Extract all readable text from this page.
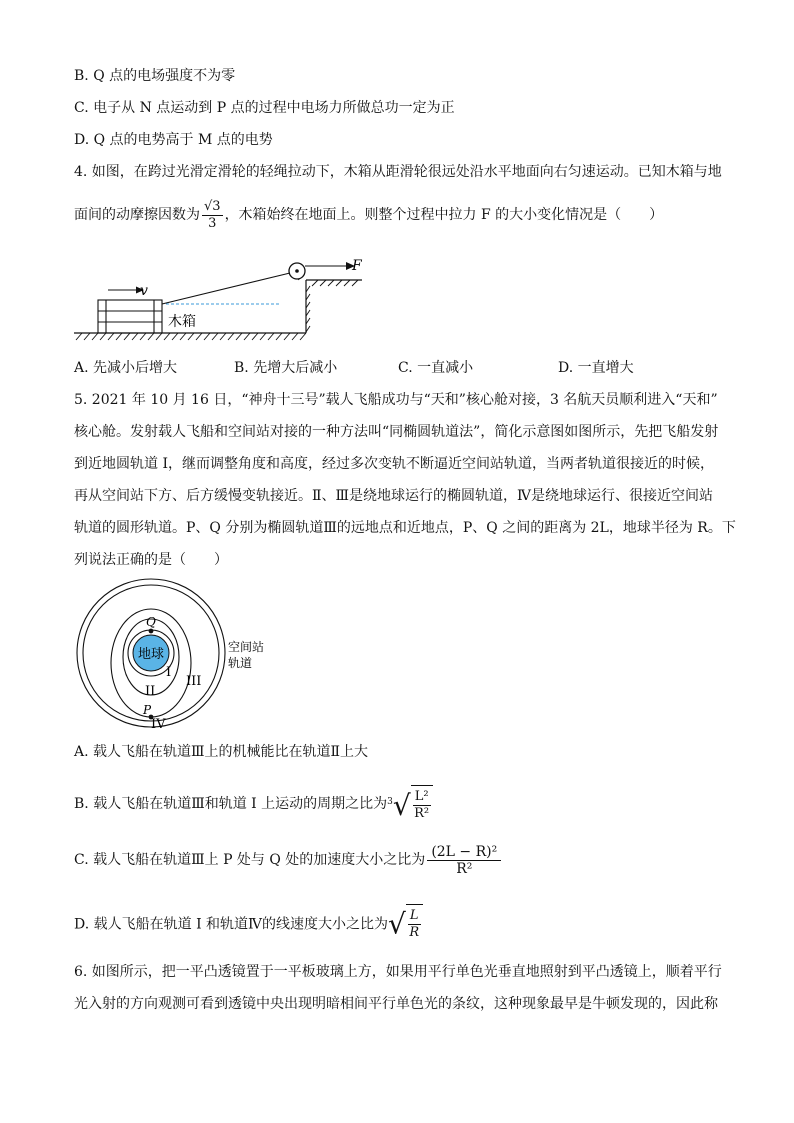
B. Q 点的电场强度不为零
C. 电子从 N 点运动到 P 点的过程中电场力所做总功一定为正
D. Q 点的电势高于 M 点的电势
4. 如图，在跨过光滑定滑轮的轻绳拉动下，木箱从距滑轮很远处沿水平地面向右匀速运动。已知木箱与地
面间的动摩擦因数为 $\frac{√3}{3}$ ，木箱始终在地面上。则整个过程中拉力 F 的大小变化情况是（　　）
F
木箱
v
A. 先减小后增大	B. 先增大后减小	C. 一直减小	D. 一直增大
5. 2021 年 10 月 16 日，“神舟十三号”载人飞船成功与“天和”核心舱对接，3 名航天员顺利进入“天和”
核心舱。发射载人飞船和空间站对接的一种方法叫“同椭圆轨道法”，简化示意图如图所示，先把飞船发射
到近地圆轨道 I，继而调整角度和高度，经过多次变轨不断逼近空间站轨道，当两者轨道很接近的时候，
再从空间站下方、后方缓慢变轨接近。Ⅱ、Ⅲ是绕地球运行的椭圆轨道，Ⅳ是绕地球运行、很接近空间站
轨道的圆形轨道。P、Q 分别为椭圆轨道Ⅲ的远地点和近地点，P、Q 之间的距离为 2L，地球半径为 R。下
列说法正确的是（　　）
地球
Q
P
I
II
III
IV
空间站
轨道
A. 载人飞船在轨道Ⅲ上的机械能比在轨道Ⅱ上大
B. 载人飞船在轨道Ⅲ和轨道 I 上运动的周期之比为$^3√ \frac{\text{L²}}{\text{R²}}$
C. 载人飞船在轨道Ⅲ上 P 处与 Q 处的加速度大小之比为 $\frac{\text{(2L − R)²}}{\text{R²}}$
D. 载人飞船在轨道 I 和轨道Ⅳ的线速度大小之比为√ $\frac{L}{R}$
6. 如图所示，把一平凸透镜置于一平板玻璃上方，如果用平行单色光垂直地照射到平凸透镜上，顺着平行
光入射的方向观测可看到透镜中央出现明暗相间平行单色光的条纹，这种现象最早是牛顿发现的，因此称
